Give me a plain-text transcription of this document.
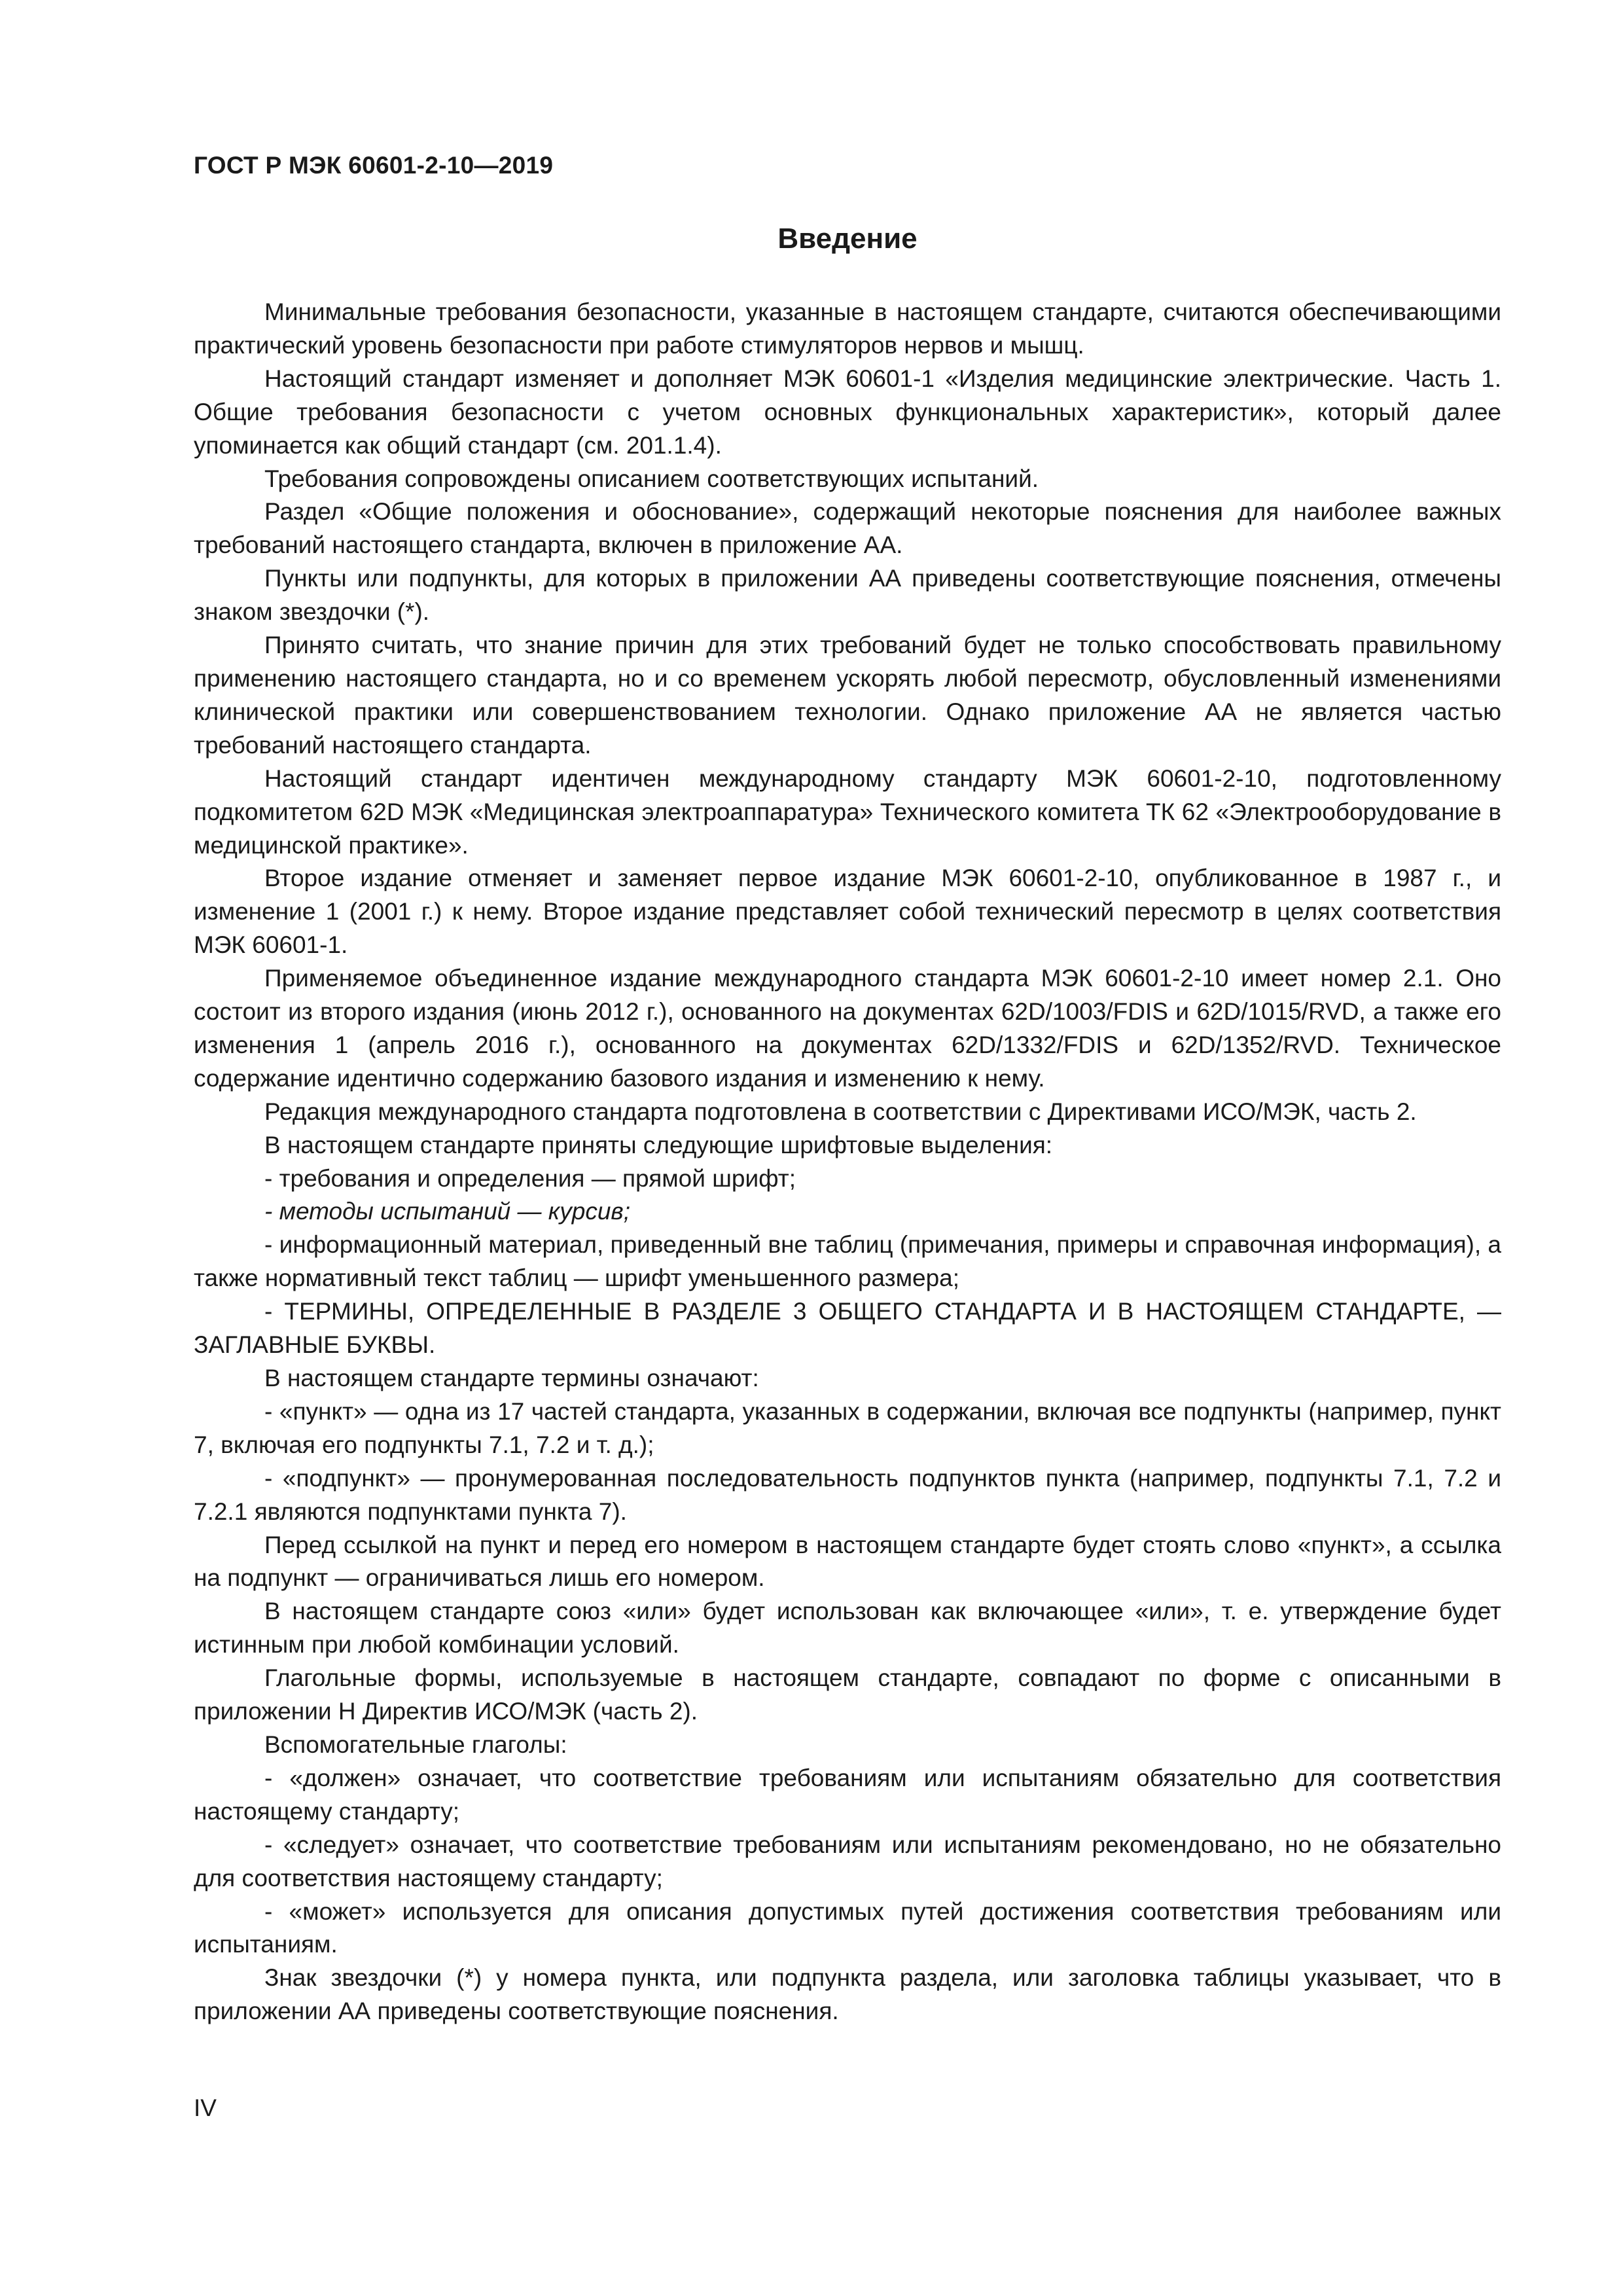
ГОСТ Р МЭК 60601-2-10—2019
Введение

Минимальные требования безопасности, указанные в настоящем стандарте, считаются обеспечивающими практический уровень безопасности при работе стимуляторов нервов и мышц.

Настоящий стандарт изменяет и дополняет МЭК 60601-1 «Изделия медицинские электрические. Часть 1. Общие требования безопасности с учетом основных функциональных характеристик», который далее упоминается как общий стандарт (см. 201.1.4).

Требования сопровождены описанием соответствующих испытаний.

Раздел «Общие положения и обоснование», содержащий некоторые пояснения для наиболее важных требований настоящего стандарта, включен в приложение АА.

Пункты или подпункты, для которых в приложении АА приведены соответствующие пояснения, отмечены знаком звездочки (*).

Принято считать, что знание причин для этих требований будет не только способствовать правильному применению настоящего стандарта, но и со временем ускорять любой пересмотр, обусловленный изменениями клинической практики или совершенствованием технологии. Однако приложение АА не является частью требований настоящего стандарта.

Настоящий стандарт идентичен международному стандарту МЭК 60601-2-10, подготовленному подкомитетом 62D МЭК «Медицинская электроаппаратура» Технического комитета ТК 62 «Электрооборудование в медицинской практике».

Второе издание отменяет и заменяет первое издание МЭК 60601-2-10, опубликованное в 1987 г., и изменение 1 (2001 г.) к нему. Второе издание представляет собой технический пересмотр в целях соответствия МЭК 60601-1.

Применяемое объединенное издание международного стандарта МЭК 60601-2-10 имеет номер 2.1. Оно состоит из второго издания (июнь 2012 г.), основанного на документах 62D/1003/FDIS и 62D/1015/RVD, а также его изменения 1 (апрель 2016 г.), основанного на документах 62D/1332/FDIS и 62D/1352/RVD. Техническое содержание идентично содержанию базового издания и изменению к нему.

Редакция международного стандарта подготовлена в соответствии с Директивами ИСО/МЭК, часть 2.

В настоящем стандарте приняты следующие шрифтовые выделения:

- требования и определения — прямой шрифт;

- методы испытаний — курсив;

- информационный материал, приведенный вне таблиц (примечания, примеры и справочная информация), а также нормативный текст таблиц — шрифт уменьшенного размера;

- ТЕРМИНЫ, ОПРЕДЕЛЕННЫЕ В РАЗДЕЛЕ 3 ОБЩЕГО СТАНДАРТА И В НАСТОЯЩЕМ СТАНДАРТЕ, — ЗАГЛАВНЫЕ БУКВЫ.

В настоящем стандарте термины означают:

- «пункт» — одна из 17 частей стандарта, указанных в содержании, включая все подпункты (например, пункт 7, включая его подпункты 7.1, 7.2 и т. д.);

- «подпункт» — пронумерованная последовательность подпунктов пункта (например, подпункты 7.1, 7.2 и 7.2.1 являются подпунктами пункта 7).

Перед ссылкой на пункт и перед его номером в настоящем стандарте будет стоять слово «пункт», а ссылка на подпункт — ограничиваться лишь его номером.

В настоящем стандарте союз «или» будет использован как включающее «или», т. е. утверждение будет истинным при любой комбинации условий.

Глагольные формы, используемые в настоящем стандарте, совпадают по форме с описанными в приложении Н Директив ИСО/МЭК (часть 2).

Вспомогательные глаголы:

- «должен» означает, что соответствие требованиям или испытаниям обязательно для соответствия настоящему стандарту;

- «следует» означает, что соответствие требованиям или испытаниям рекомендовано, но не обязательно для соответствия настоящему стандарту;

- «может» используется для описания допустимых путей достижения соответствия требованиям или испытаниям.

Знак звездочки (*) у номера пункта, или подпункта раздела, или заголовка таблицы указывает, что в приложении АА приведены соответствующие пояснения.

IV
